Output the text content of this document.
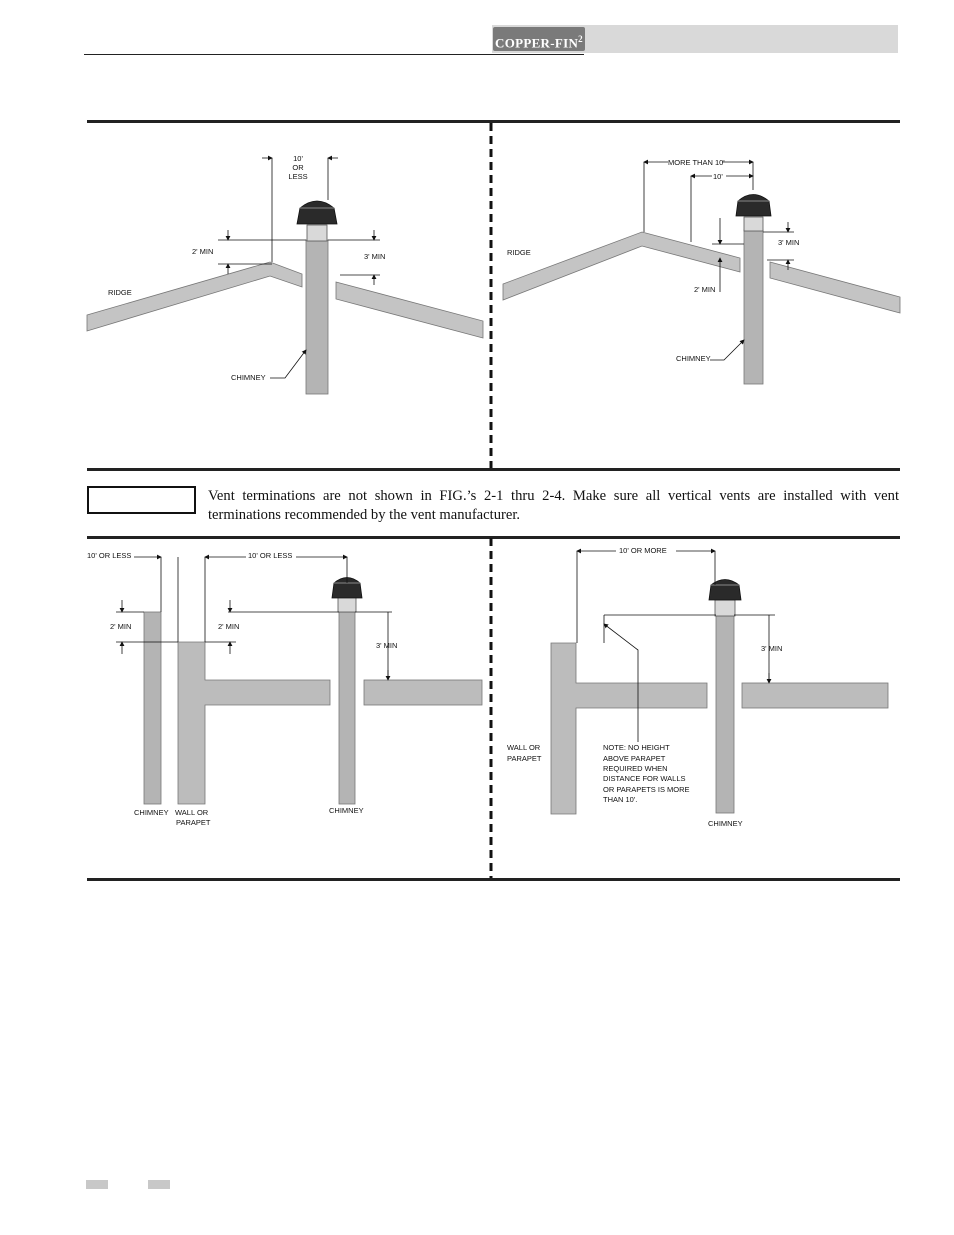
COPPER-FIN$^2$
Vent terminations are not shown in FIG.’s 2-1 thru 2-4. Make sure all vertical vents are installed with vent terminations recommended by the vent manufacturer.
10'
OR
LESS
2' MIN
3' MIN
RIDGE
CHIMNEY
MORE THAN 10'
10'
3' MIN
2' MIN
RIDGE
CHIMNEY
10' OR LESS	10' OR LESS
2' MIN	2' MIN
3' MIN
CHIMNEY WALL OR
PARAPET
CHIMNEY
10' OR MORE
3' MIN
WALL OR
PARAPET
NOTE: NO HEIGHT
ABOVE PARAPET
REQUIRED WHEN
DISTANCE FOR WALLS
OR PARAPETS IS MORE
THAN 10'.
CHIMNEY
